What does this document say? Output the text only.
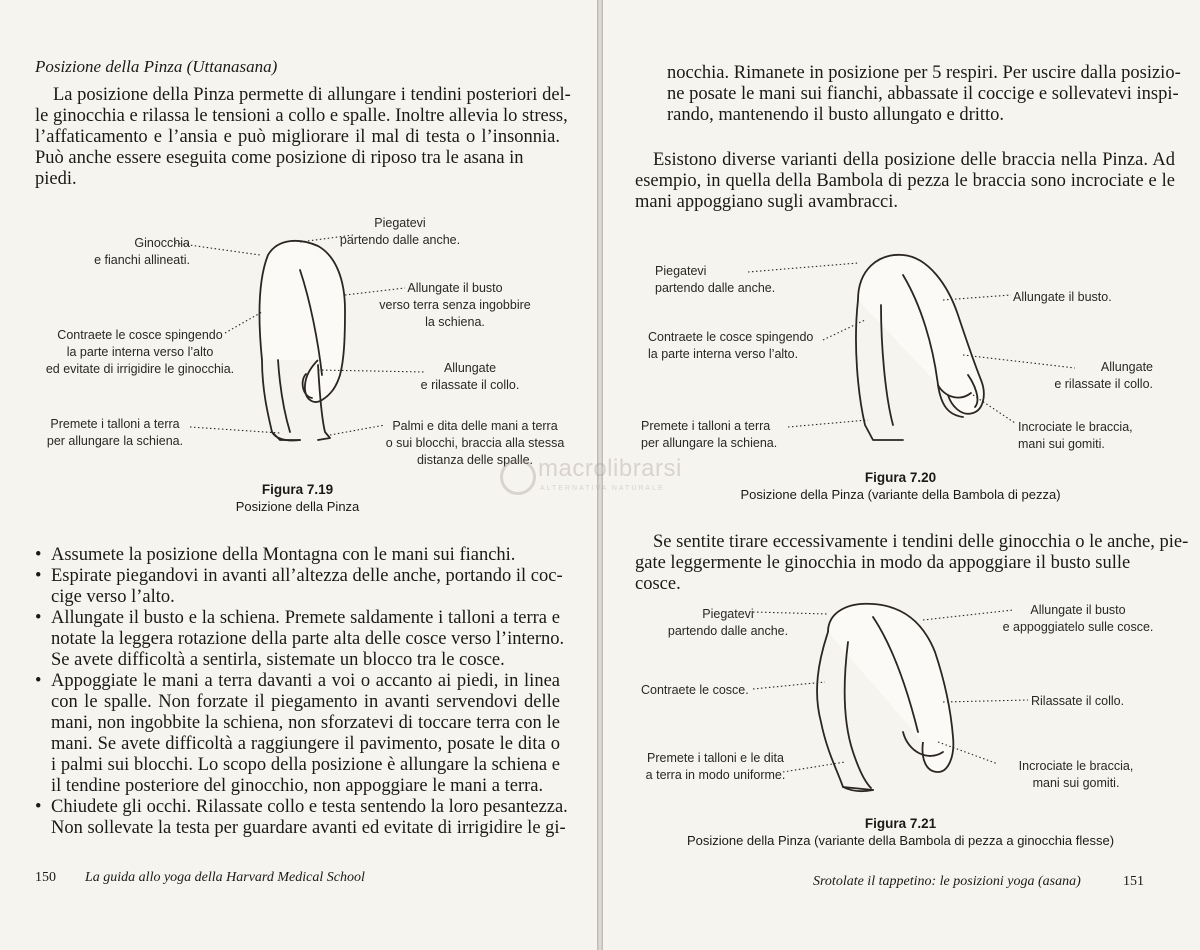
Posizione della Pinza (Uttanasana)
La posizione della Pinza permette di allungare i tendini posteriori del-
le ginocchia e rilassa le tensioni a collo e spalle. Inoltre allevia lo stress,
l’affaticamento e l’ansia e può migliorare il mal di testa o l’insonnia.
Può anche essere eseguita come posizione di riposo tra le asana in piedi.
Ginocchia
e fianchi allineati.
Piegatevi
partendo dalle anche.
Allungate il busto
verso terra senza ingobbire
la schiena.
Contraete le cosce spingendo
la parte interna verso l’alto
ed evitate di irrigidire le ginocchia.	Allungate
e rilassate il collo.
Premete i talloni a terra
per allungare la schiena.
Palmi e dita delle mani a terra
o sui blocchi, braccia alla stessa
distanza delle spalle.
Figura 7.19
Posizione della Pinza
• Assumete la posizione della Montagna con le mani sui fianchi.
• Espirate piegandovi in avanti all’altezza delle anche, portando il coc-
cige verso l’alto.
• Allungate il busto e la schiena. Premete saldamente i talloni a terra e
notate la leggera rotazione della parte alta delle cosce verso l’interno.
Se avete difficoltà a sentirla, sistemate un blocco tra le cosce.
• Appoggiate le mani a terra davanti a voi o accanto ai piedi, in linea
con le spalle. Non forzate il piegamento in avanti servendovi delle
mani, non ingobbite la schiena, non sforzatevi di toccare terra con le
mani. Se avete difficoltà a raggiungere il pavimento, posate le dita o
i palmi sui blocchi. Lo scopo della posizione è allungare la schiena e
il tendine posteriore del ginocchio, non appoggiare le mani a terra.
• Chiudete gli occhi. Rilassate collo e testa sentendo la loro pesantezza.
Non sollevate la testa per guardare avanti ed evitate di irrigidire le gi-
150 La guida allo yoga della Harvard Medical School
nocchia. Rimanete in posizione per 5 respiri. Per uscire dalla posizio-
ne posate le mani sui fianchi, abbassate il coccige e sollevatevi inspi-
rando, mantenendo il busto allungato e dritto.
Esistono diverse varianti della posizione delle braccia nella Pinza. Ad
esempio, in quella della Bambola di pezza le braccia sono incrociate e le
mani appoggiano sugli avambracci.
Piegatevi
partendo dalle anche.
Allungate il busto.
Contraete le cosce spingendo
la parte interna verso l’alto.
Allungate
e rilassate il collo.
Premete i talloni a terra
per allungare la schiena.
Incrociate le braccia,
mani sui gomiti.
Figura 7.20
Posizione della Pinza (variante della Bambola di pezza)
Se sentite tirare eccessivamente i tendini delle ginocchia o le anche, pie-
gate leggermente le ginocchia in modo da appoggiare il busto sulle cosce.
Piegatevi
partendo dalle anche.
Allungate il busto
e appoggiatelo sulle cosce.
Contraete le cosce.
Rilassate il collo.
Premete i talloni e le dita
a terra in modo uniforme.
Incrociate le braccia,
mani sui gomiti.
Figura 7.21
Posizione della Pinza (variante della Bambola di pezza a ginocchia flesse)
Srotolate il tappetino: le posizioni yoga (asana)	151
macrolibrarsi
ALTERNATIVA NATURALE
